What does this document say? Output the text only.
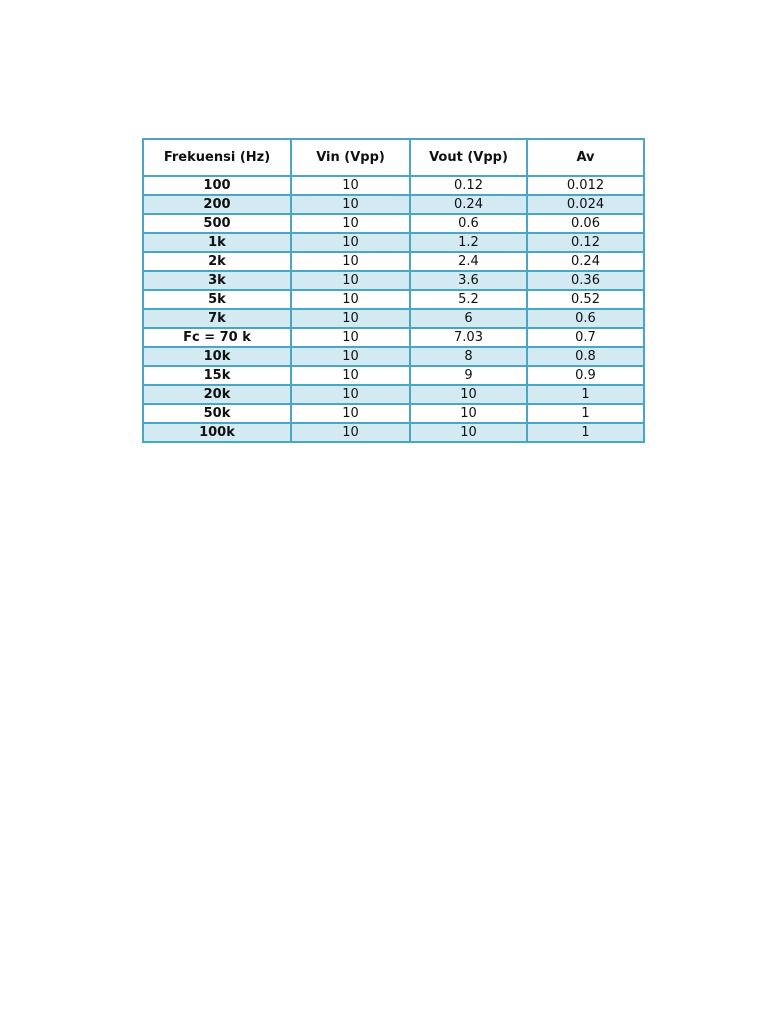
Frekuensi (Hz)	Vin (Vpp)	Vout (Vpp)	Av
100	10	0.12	0.012
200	10	0.24	0.024
500	10	0.6	0.06
1k	10	1.2	0.12
2k	10	2.4	0.24
3k	10	3.6	0.36
5k	10	5.2	0.52
7k	10	6	0.6
Fc = 70 k	10	7.03	0.7
10k	10	8	0.8
15k	10	9	0.9
20k	10	10	1
50k	10	10	1
100k	10	10	1
